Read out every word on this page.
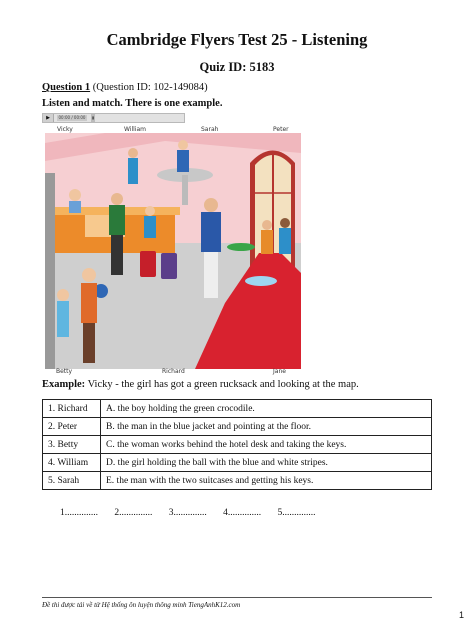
Cambridge Flyers Test 25 - Listening
Quiz ID: 5183
Question 1 (Question ID: 102-149084)
Listen and match. There is one example.
▶	00:00 / 00:00	▮
Vicky	William	Sarah	Peter
Betty	Richard	Jane
Example: Vicky - the girl has got a green rucksack and looking at the map.
1. Richard	A. the boy holding the green crocodile.
2. Peter	B. the man in the blue jacket and pointing at the floor.
3. Betty	C. the woman works behind the hotel desk and taking the keys.
4. William	D. the girl holding the ball with the blue and white stripes.
5. Sarah	E. the man with the two suitcases and getting his keys.
1.............. 2.............. 3.............. 4.............. 5..............
Đề thi được tải về từ Hệ thống ôn luyện thông minh TiengAnhK12.com
1
